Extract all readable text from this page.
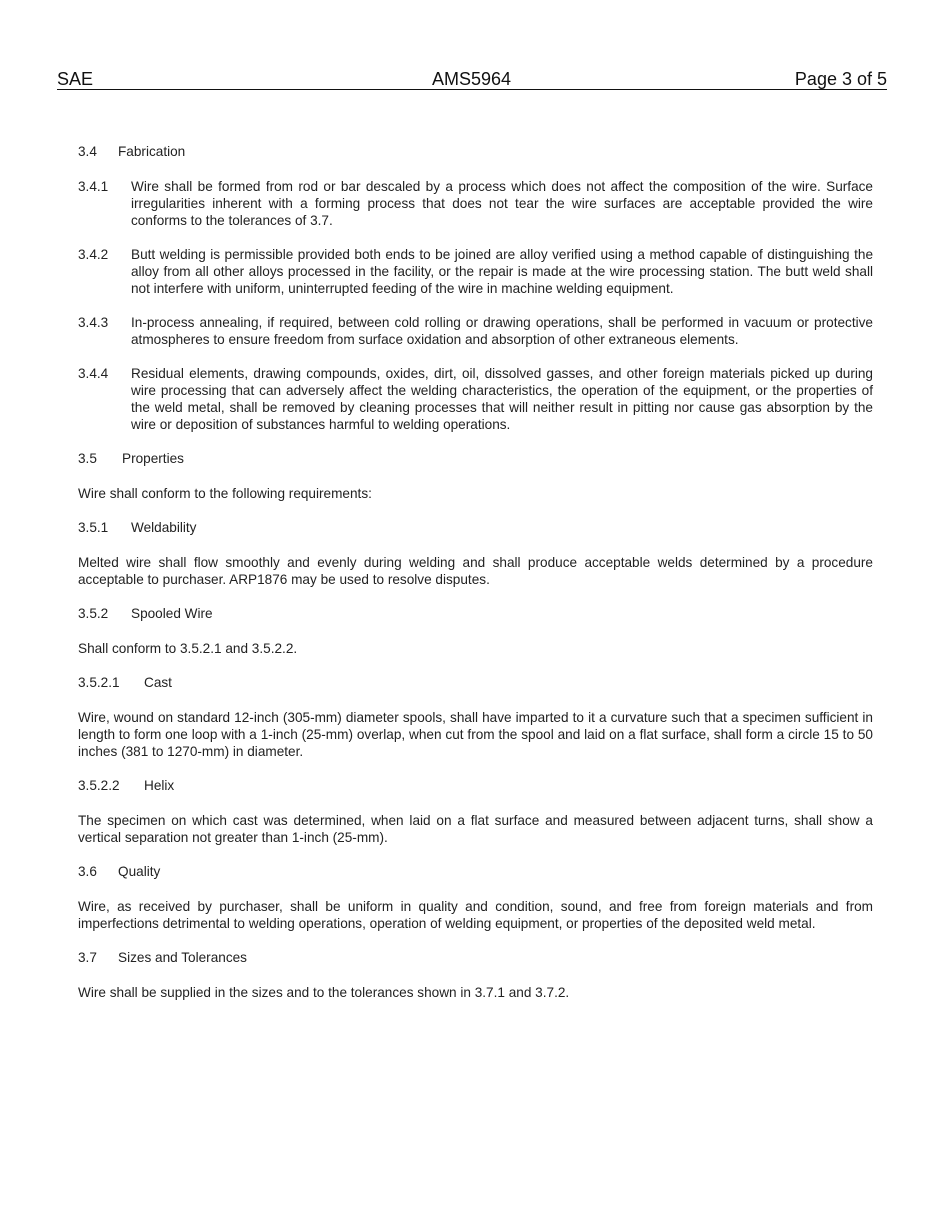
SAE	AMS5964	Page 3 of 5
3.4	Fabrication
3.4.1	Wire shall be formed from rod or bar descaled by a process which does not affect the composition of the wire. Surface irregularities inherent with a forming process that does not tear the wire surfaces are acceptable provided the wire conforms to the tolerances of 3.7.
3.4.2	Butt welding is permissible provided both ends to be joined are alloy verified using a method capable of distinguishing the alloy from all other alloys processed in the facility, or the repair is made at the wire processing station. The butt weld shall not interfere with uniform, uninterrupted feeding of the wire in machine welding equipment.
3.4.3	In-process annealing, if required, between cold rolling or drawing operations, shall be performed in vacuum or protective atmospheres to ensure freedom from surface oxidation and absorption of other extraneous elements.
3.4.4	Residual elements, drawing compounds, oxides, dirt, oil, dissolved gasses, and other foreign materials picked up during wire processing that can adversely affect the welding characteristics, the operation of the equipment, or the properties of the weld metal, shall be removed by cleaning processes that will neither result in pitting nor cause gas absorption by the wire or deposition of substances harmful to welding operations.
3.5	Properties

Wire shall conform to the following requirements:

3.5.1	Weldability

Melted wire shall flow smoothly and evenly during welding and shall produce acceptable welds determined by a procedure acceptable to purchaser. ARP1876 may be used to resolve disputes.

3.5.2	Spooled Wire

Shall conform to 3.5.2.1 and 3.5.2.2.

3.5.2.1	Cast

Wire, wound on standard 12-inch (305-mm) diameter spools, shall have imparted to it a curvature such that a specimen sufficient in length to form one loop with a 1-inch (25-mm) overlap, when cut from the spool and laid on a flat surface, shall form a circle 15 to 50 inches (381 to 1270-mm) in diameter.

3.5.2.2	Helix

The specimen on which cast was determined, when laid on a flat surface and measured between adjacent turns, shall show a vertical separation not greater than 1-inch (25-mm).

3.6	Quality

Wire, as received by purchaser, shall be uniform in quality and condition, sound, and free from foreign materials and from imperfections detrimental to welding operations, operation of welding equipment, or properties of the deposited weld metal.

3.7	Sizes and Tolerances

Wire shall be supplied in the sizes and to the tolerances shown in 3.7.1 and 3.7.2.
